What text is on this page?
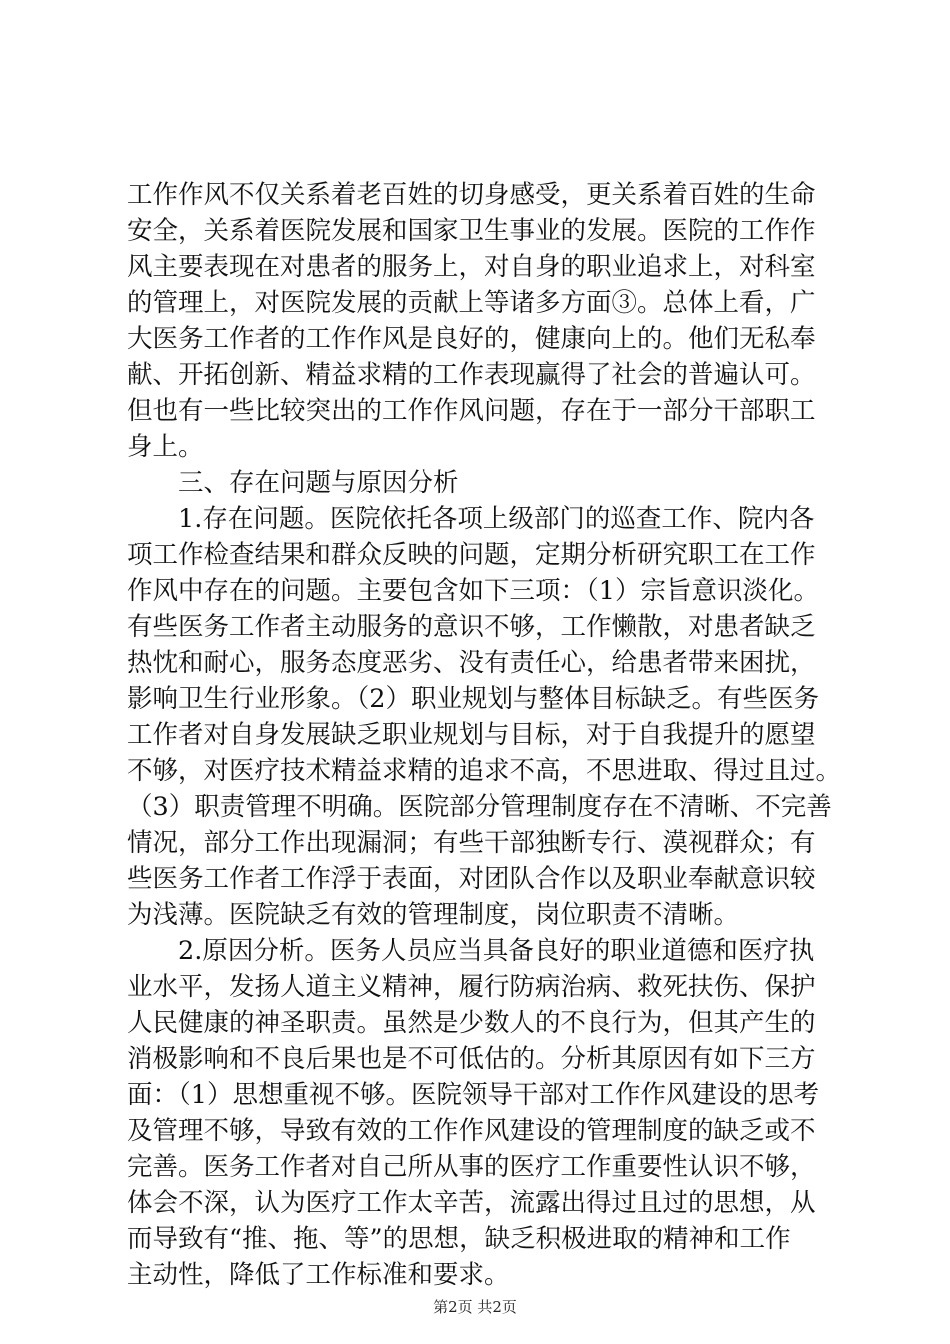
工作作风不仅关系着老百姓的切身感受，更关系着百姓的生命
安全，关系着医院发展和国家卫生事业的发展。医院的工作作
风主要表现在对患者的服务上，对自身的职业追求上，对科室
的管理上，对医院发展的贡献上等诸多方面③。总体上看，广
大医务工作者的工作作风是良好的，健康向上的。他们无私奉
献、开拓创新、精益求精的工作表现赢得了社会的普遍认可。
但也有一些比较突出的工作作风问题，存在于一部分干部职工
身上。
三、存在问题与原因分析
1.存在问题。医院依托各项上级部门的巡查工作、院内各
项工作检查结果和群众反映的问题，定期分析研究职工在工作
作风中存在的问题。主要包含如下三项：（1）宗旨意识淡化。
有些医务工作者主动服务的意识不够，工作懒散，对患者缺乏
热忱和耐心，服务态度恶劣、没有责任心，给患者带来困扰，
影响卫生行业形象。（2）职业规划与整体目标缺乏。有些医务
工作者对自身发展缺乏职业规划与目标，对于自我提升的愿望
不够，对医疗技术精益求精的追求不高，不思进取、得过且过。
（3）职责管理不明确。医院部分管理制度存在不清晰、不完善
情况，部分工作出现漏洞；有些干部独断专行、漠视群众；有
些医务工作者工作浮于表面，对团队合作以及职业奉献意识较
为浅薄。医院缺乏有效的管理制度，岗位职责不清晰。
2.原因分析。医务人员应当具备良好的职业道德和医疗执
业水平，发扬人道主义精神，履行防病治病、救死扶伤、保护
人民健康的神圣职责。虽然是少数人的不良行为，但其产生的
消极影响和不良后果也是不可低估的。分析其原因有如下三方
面：（1）思想重视不够。医院领导干部对工作作风建设的思考
及管理不够，导致有效的工作作风建设的管理制度的缺乏或不
完善。医务工作者对自己所从事的医疗工作重要性认识不够，
体会不深，认为医疗工作太辛苦，流露出得过且过的思想，从
而导致有“推、拖、等”的思想，缺乏积极进取的精神和工作
主动性，降低了工作标准和要求。
第2页 共2页
